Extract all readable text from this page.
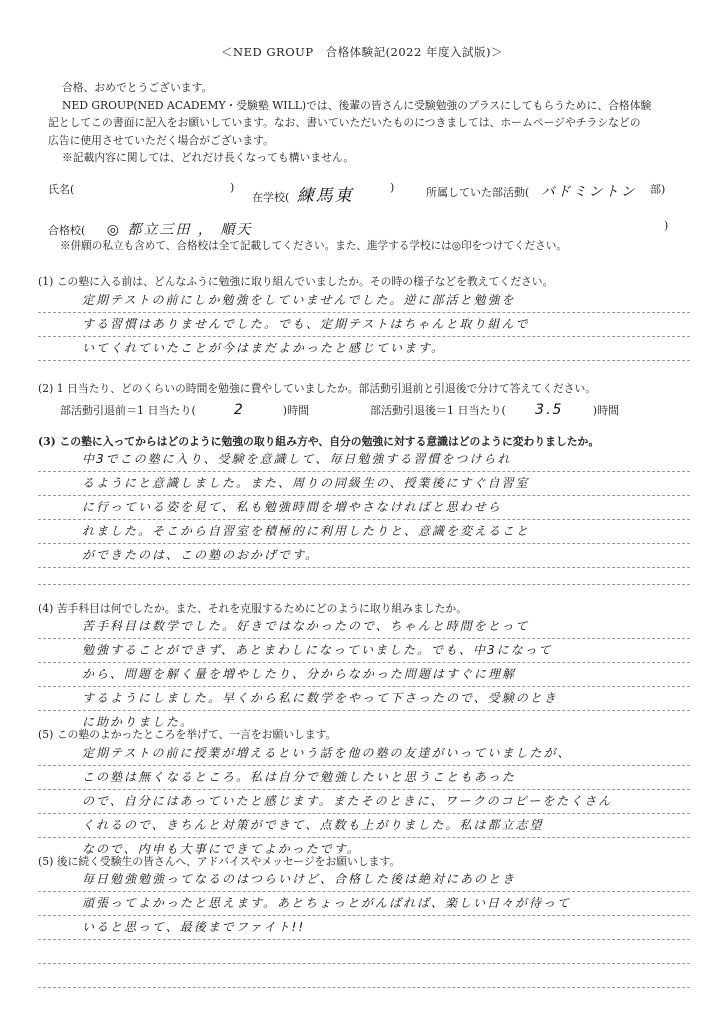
＜NED GROUP　合格体験記(2022 年度入試版)＞

合格、おめでとうございます。

NED GROUP(NED ACADEMY・受験塾 WILL)では、後輩の皆さんに受験勉強のプラスにしてもらうために、合格体験

記としてこの書面に記入をお願いしています。なお、書いていただいたものにつきましては、ホームページやチラシなどの

広告に使用させていただく場合がございます。

※記載内容に関しては、どれだけ長くなっても構いません。

氏名(	)
在学校( 練馬東	)	所属していた部活動( バドミントン 部)
合格校( ◎ 都立三田 ， 順天	)
※併願の私立も含めて、合格校は全て記載してください。また、進学する学校には◎印をつけてください。
(1) この塾に入る前は、どんなふうに勉強に取り組んでいましたか。その時の様子などを教えてください。
定期テストの前にしか勉強をしていませんでした。逆に部活と勉強を
する習慣はありませんでした。でも、定期テストはちゃんと取り組んで
いてくれていたことが今はまだよかったと感じています。
(2) 1 日当たり、どのくらいの時間を勉強に費やしていましたか。部活動引退前と引退後で分けて答えてください。
部活動引退前＝1 日当たり(	2	)時間	部活動引退後＝1 日当たり( 3.5	)時間
(3) この塾に入ってからはどのように勉強の取り組み方や、自分の勉強に対する意識はどのように変わりましたか。
中3でこの塾に入り、受験を意識して、毎日勉強する習慣をつけられ
るようにと意識しました。また、周りの同級生の、授業後にすぐ自習室
に行っている姿を見て、私も勉強時間を増やさなければと思わせら
れました。そこから自習室を積極的に利用したりと、意識を変えること
ができたのは、この塾のおかげです。
(4) 苦手科目は何でしたか。また、それを克服するためにどのように取り組みましたか。
苦手科目は数学でした。好きではなかったので、ちゃんと時間をとって
勉強することができず、あとまわしになっていました。でも、中3になって
から、問題を解く量を増やしたり、分からなかった問題はすぐに理解
するようにしました。早くから私に数学をやって下さったので、受験のとき
に助かりました。
(5) この塾のよかったところを挙げて、一言をお願いします。
定期テストの前に授業が増えるという話を他の塾の友達がいっていましたが、
この塾は無くなるところ。私は自分で勉強したいと思うこともあった
ので、自分にはあっていたと感じます。またそのときに、ワークのコピーをたくさん
くれるので、きちんと対策ができて、点数も上がりました。私は都立志望
なので、内申も大事にできてよかったです。
(5) 後に続く受験生の皆さんへ、アドバイスやメッセージをお願いします。
毎日勉強勉強ってなるのはつらいけど、合格した後は絶対にあのとき
頑張ってよかったと思えます。あとちょっとがんばれば、楽しい日々が待って
いると思って、最後までファイト!!
